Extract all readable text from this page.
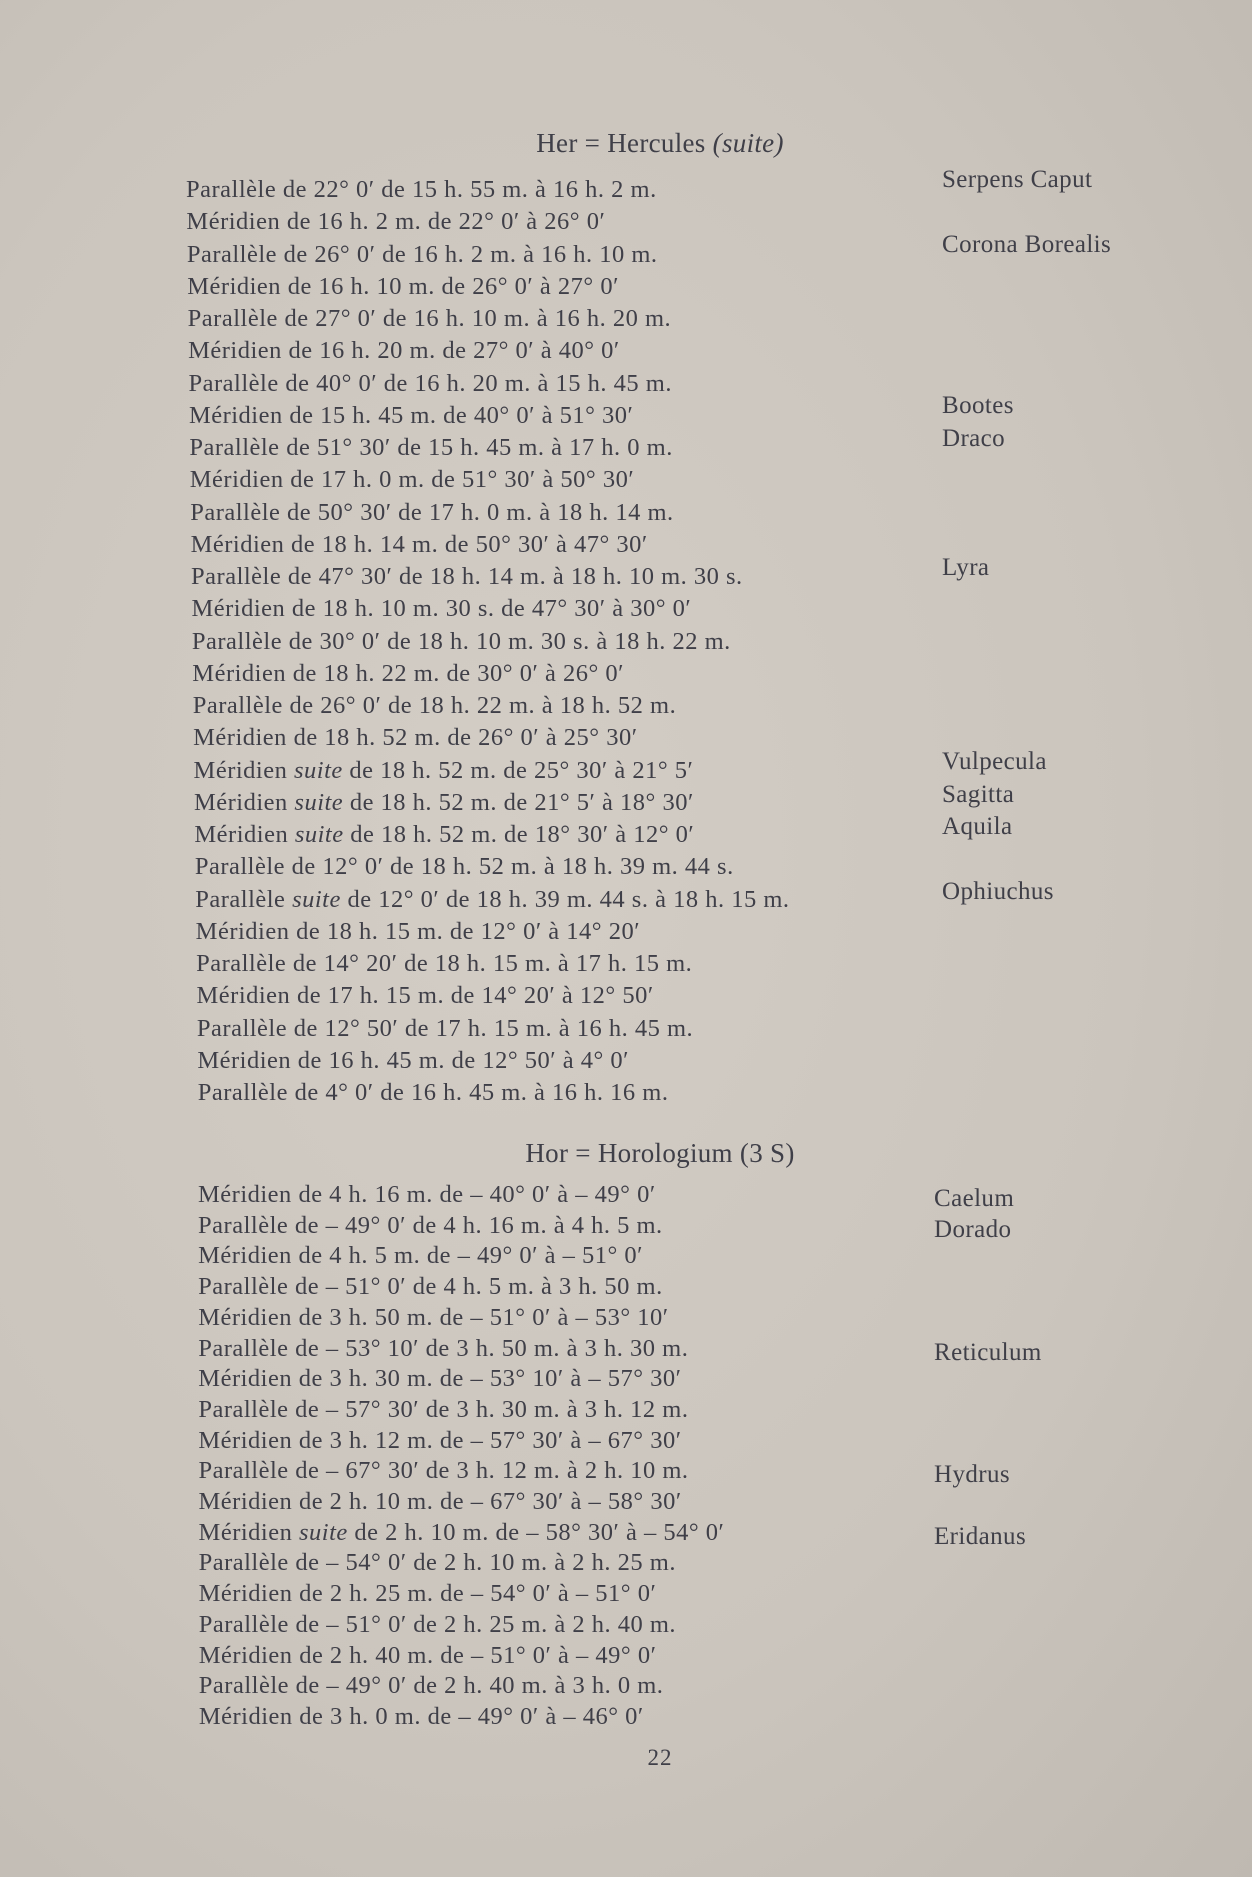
Her = Hercules (suite)
Parallèle de 22° 0′ de 15 h. 55 m. à 16 h. 2 m.
Méridien de 16 h. 2 m. de 22° 0′ à 26° 0′
Parallèle de 26° 0′ de 16 h. 2 m. à 16 h. 10 m.
Méridien de 16 h. 10 m. de 26° 0′ à 27° 0′
Parallèle de 27° 0′ de 16 h. 10 m. à 16 h. 20 m.
Méridien de 16 h. 20 m. de 27° 0′ à 40° 0′
Parallèle de 40° 0′ de 16 h. 20 m. à 15 h. 45 m.
Méridien de 15 h. 45 m. de 40° 0′ à 51° 30′
Parallèle de 51° 30′ de 15 h. 45 m. à 17 h. 0 m.
Méridien de 17 h. 0 m. de 51° 30′ à 50° 30′
Parallèle de 50° 30′ de 17 h. 0 m. à 18 h. 14 m.
Méridien de 18 h. 14 m. de 50° 30′ à 47° 30′
Parallèle de 47° 30′ de 18 h. 14 m. à 18 h. 10 m. 30 s.
Méridien de 18 h. 10 m. 30 s. de 47° 30′ à 30° 0′
Parallèle de 30° 0′ de 18 h. 10 m. 30 s. à 18 h. 22 m.
Méridien de 18 h. 22 m. de 30° 0′ à 26° 0′
Parallèle de 26° 0′ de 18 h. 22 m. à 18 h. 52 m.
Méridien de 18 h. 52 m. de 26° 0′ à 25° 30′
Méridien suite de 18 h. 52 m. de 25° 30′ à 21° 5′
Méridien suite de 18 h. 52 m. de 21° 5′ à 18° 30′
Méridien suite de 18 h. 52 m. de 18° 30′ à 12° 0′
Parallèle de 12° 0′ de 18 h. 52 m. à 18 h. 39 m. 44 s.
Parallèle suite de 12° 0′ de 18 h. 39 m. 44 s. à 18 h. 15 m.
Méridien de 18 h. 15 m. de 12° 0′ à 14° 20′
Parallèle de 14° 20′ de 18 h. 15 m. à 17 h. 15 m.
Méridien de 17 h. 15 m. de 14° 20′ à 12° 50′
Parallèle de 12° 50′ de 17 h. 15 m. à 16 h. 45 m.
Méridien de 16 h. 45 m. de 12° 50′ à 4° 0′
Parallèle de 4° 0′ de 16 h. 45 m. à 16 h. 16 m.
Serpens Caput
Corona Borealis
Bootes
Draco
Lyra
Vulpecula
Sagitta
Aquila
Ophiuchus
Hor = Horologium (3 S)
Méridien de 4 h. 16 m. de – 40° 0′ à – 49° 0′
Parallèle de – 49° 0′ de 4 h. 16 m. à 4 h. 5 m.
Méridien de 4 h. 5 m. de – 49° 0′ à – 51° 0′
Parallèle de – 51° 0′ de 4 h. 5 m. à 3 h. 50 m.
Méridien de 3 h. 50 m. de – 51° 0′ à – 53° 10′
Parallèle de – 53° 10′ de 3 h. 50 m. à 3 h. 30 m.
Méridien de 3 h. 30 m. de – 53° 10′ à – 57° 30′
Parallèle de – 57° 30′ de 3 h. 30 m. à 3 h. 12 m.
Méridien de 3 h. 12 m. de – 57° 30′ à – 67° 30′
Parallèle de – 67° 30′ de 3 h. 12 m. à 2 h. 10 m.
Méridien de 2 h. 10 m. de – 67° 30′ à – 58° 30′
Méridien suite de 2 h. 10 m. de – 58° 30′ à – 54° 0′
Parallèle de – 54° 0′ de 2 h. 10 m. à 2 h. 25 m.
Méridien de 2 h. 25 m. de – 54° 0′ à – 51° 0′
Parallèle de – 51° 0′ de 2 h. 25 m. à 2 h. 40 m.
Méridien de 2 h. 40 m. de – 51° 0′ à – 49° 0′
Parallèle de – 49° 0′ de 2 h. 40 m. à 3 h. 0 m.
Méridien de 3 h. 0 m. de – 49° 0′ à – 46° 0′
Caelum
Dorado
Reticulum
Hydrus
Eridanus
22
